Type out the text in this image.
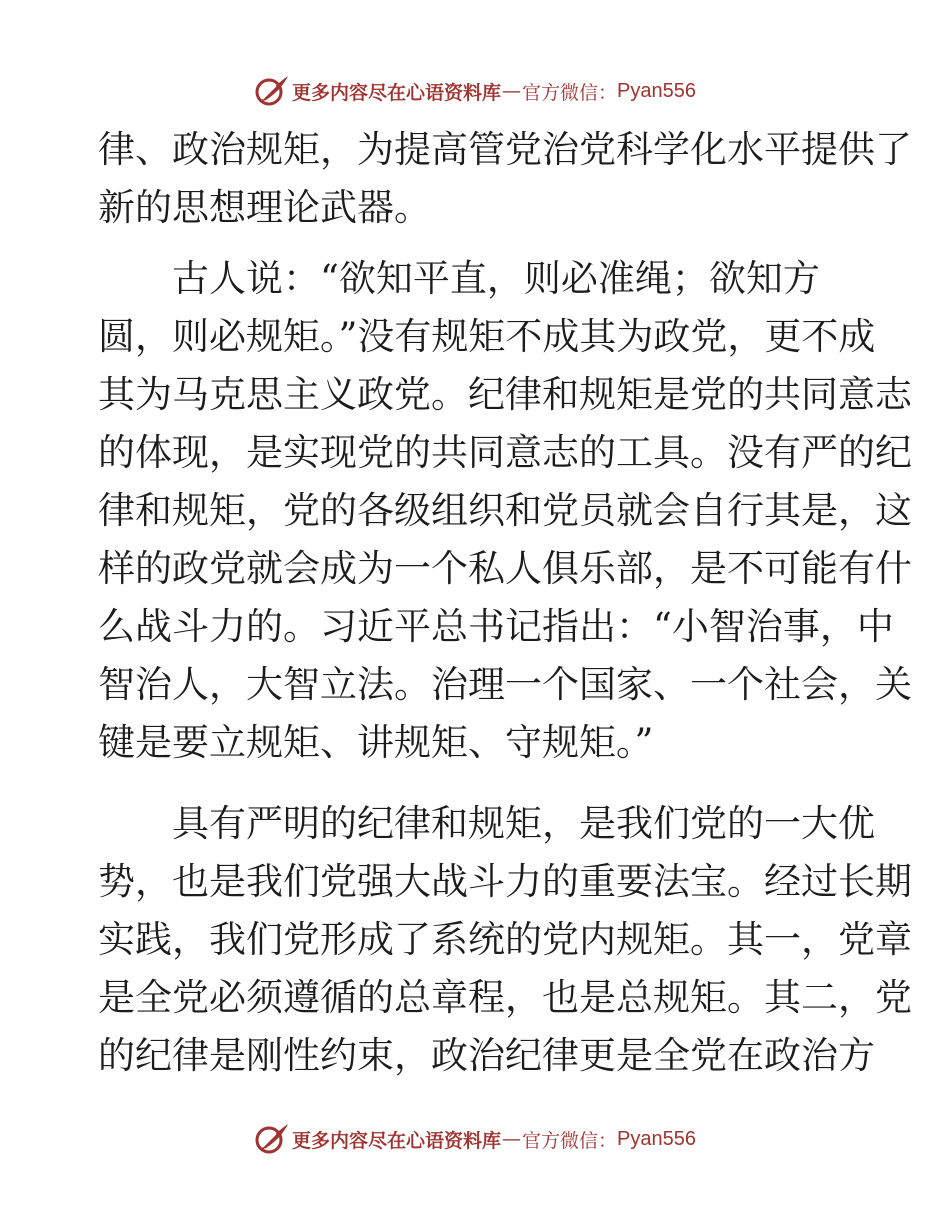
更多内容尽在心语资料库 — 官方微信： Pyan556
律、政治规矩，为提高管党治党科学化水平提供了
新的思想理论武器。
　　古人说：“欲知平直，则必准绳；欲知方
圆，则必规矩。”没有规矩不成其为政党，更不成
其为马克思主义政党。纪律和规矩是党的共同意志
的体现，是实现党的共同意志的工具。没有严的纪
律和规矩，党的各级组织和党员就会自行其是，这
样的政党就会成为一个私人俱乐部，是不可能有什
么战斗力的。习近平总书记指出：“小智治事，中
智治人，大智立法。治理一个国家、一个社会，关
键是要立规矩、讲规矩、守规矩。”
　　具有严明的纪律和规矩，是我们党的一大优
势，也是我们党强大战斗力的重要法宝。经过长期
实践，我们党形成了系统的党内规矩。其一，党章
是全党必须遵循的总章程，也是总规矩。其二，党
的纪律是刚性约束，政治纪律更是全党在政治方
更多内容尽在心语资料库 — 官方微信： Pyan556
